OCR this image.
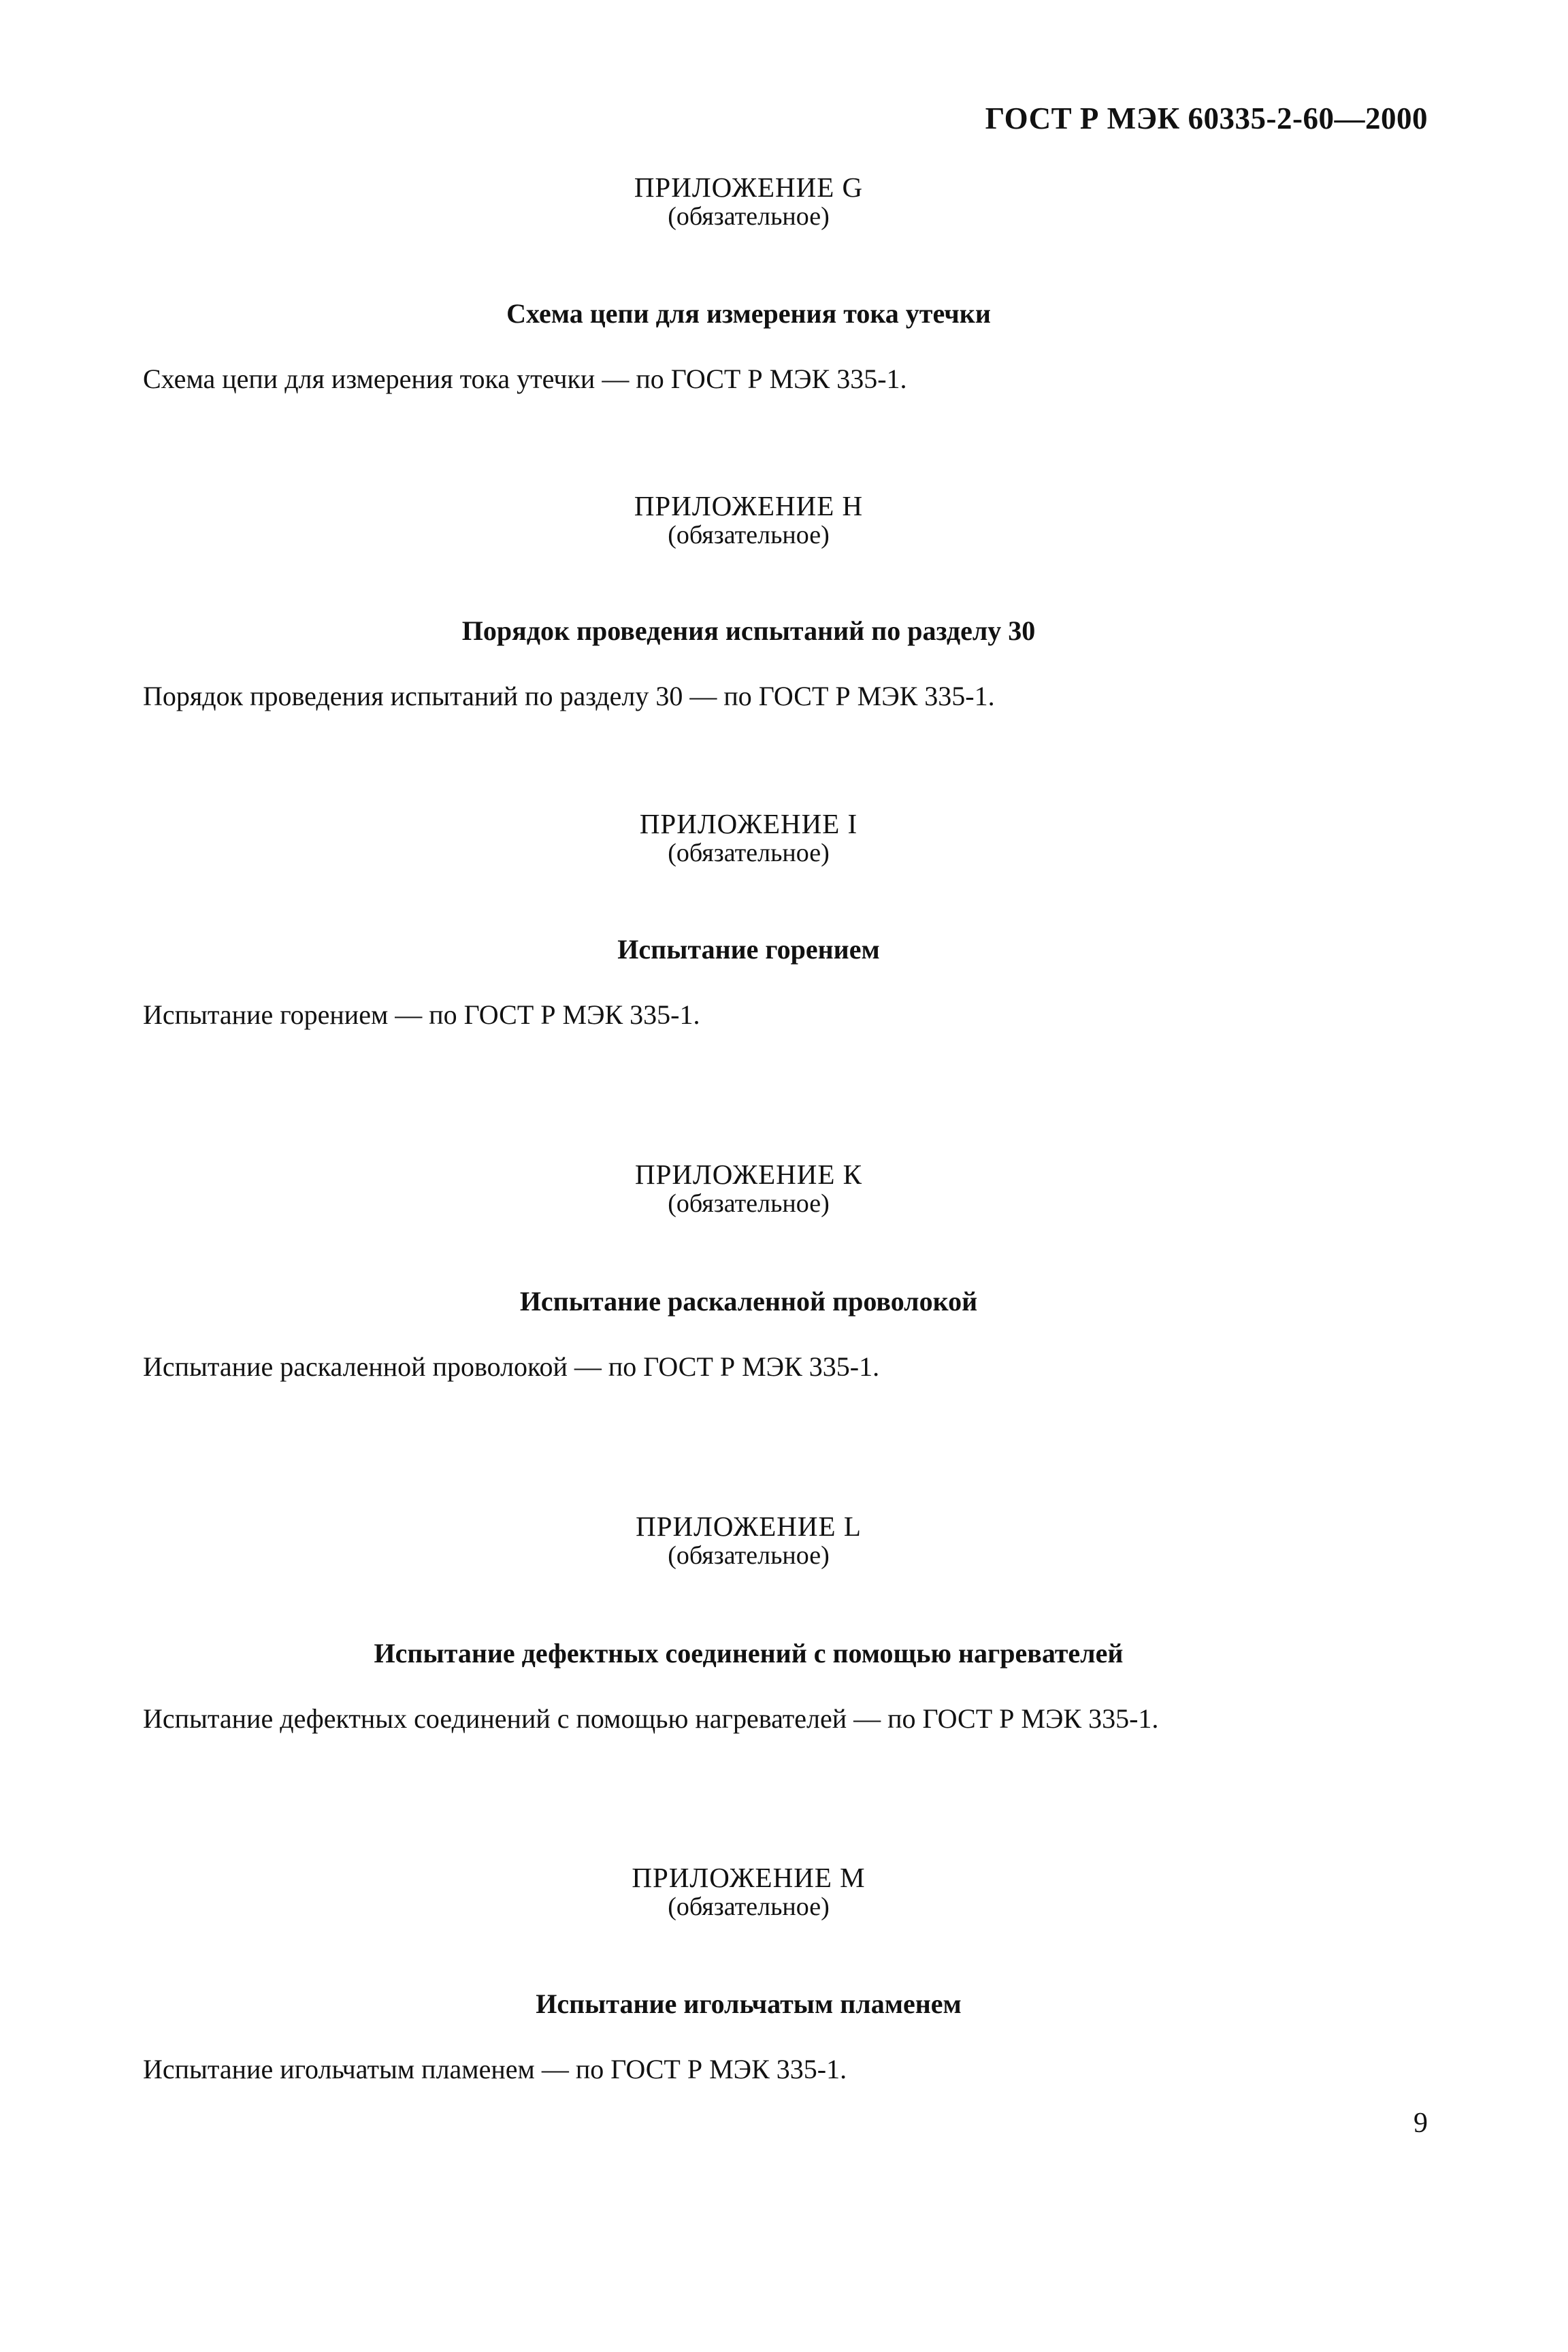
ГОСТ Р МЭК 60335-2-60—2000
ПРИЛОЖЕНИЕ G
(обязательное)
Схема цепи для измерения тока утечки
Схема цепи для измерения тока утечки — по ГОСТ Р МЭК 335-1.
ПРИЛОЖЕНИЕ Н
(обязательное)
Порядок проведения испытаний по разделу 30
Порядок проведения испытаний по разделу 30 — по ГОСТ Р МЭК 335-1.
ПРИЛОЖЕНИЕ I
(обязательное)
Испытание горением
Испытание горением — по ГОСТ Р МЭК 335-1.
ПРИЛОЖЕНИЕ К
(обязательное)
Испытание раскаленной проволокой
Испытание раскаленной проволокой — по ГОСТ Р МЭК 335-1.
ПРИЛОЖЕНИЕ L
(обязательное)
Испытание дефектных соединений с помощью нагревателей
Испытание дефектных соединений с помощью нагревателей — по ГОСТ Р МЭК 335-1.
ПРИЛОЖЕНИЕ М
(обязательное)
Испытание игольчатым пламенем
Испытание игольчатым пламенем — по ГОСТ Р МЭК 335-1.
9
